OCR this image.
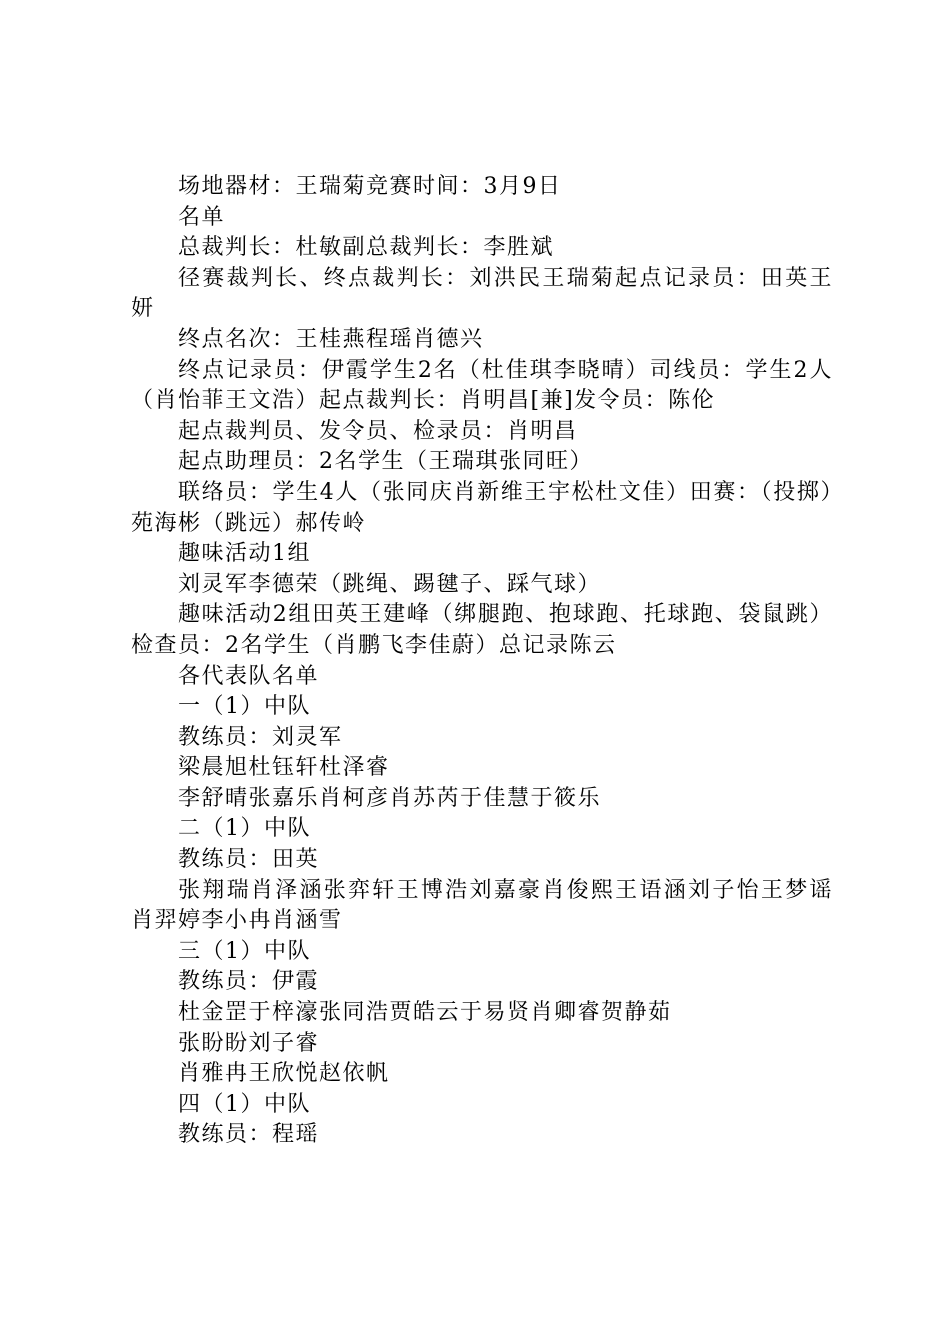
场地器材：王瑞菊竞赛时间：3月9日

名单

总裁判长：杜敏副总裁判长：李胜斌

径赛裁判长、终点裁判长：刘洪民王瑞菊起点记录员：田英王妍

终点名次：王桂燕程瑶肖德兴

终点记录员：伊霞学生2名（杜佳琪李晓晴）司线员：学生2人（肖怡菲王文浩）起点裁判长：肖明昌[兼]发令员：陈伦

起点裁判员、发令员、检录员：肖明昌

起点助理员：2名学生（王瑞琪张同旺）

联络员：学生4人（张同庆肖新维王宇松杜文佳）田赛：（投掷）苑海彬（跳远）郝传岭

趣味活动1组

刘灵军李德荣（跳绳、踢毽子、踩气球）

趣味活动2组田英王建峰（绑腿跑、抱球跑、托球跑、袋鼠跳）检查员：2名学生（肖鹏飞李佳蔚）总记录陈云

各代表队名单

一（1）中队

教练员：刘灵军

梁晨旭杜钰轩杜泽睿

李舒晴张嘉乐肖柯彦肖苏芮于佳慧于筱乐

二（1）中队

教练员：田英

张翔瑞肖泽涵张弈轩王博浩刘嘉豪肖俊熙王语涵刘子怡王梦谣肖羿婷李小冉肖涵雪

三（1）中队

教练员：伊霞

杜金罡于梓濠张同浩贾皓云于易贤肖卿睿贺静茹

张盼盼刘子睿

肖雅冉王欣悦赵依帆

四（1）中队

教练员：程瑶
